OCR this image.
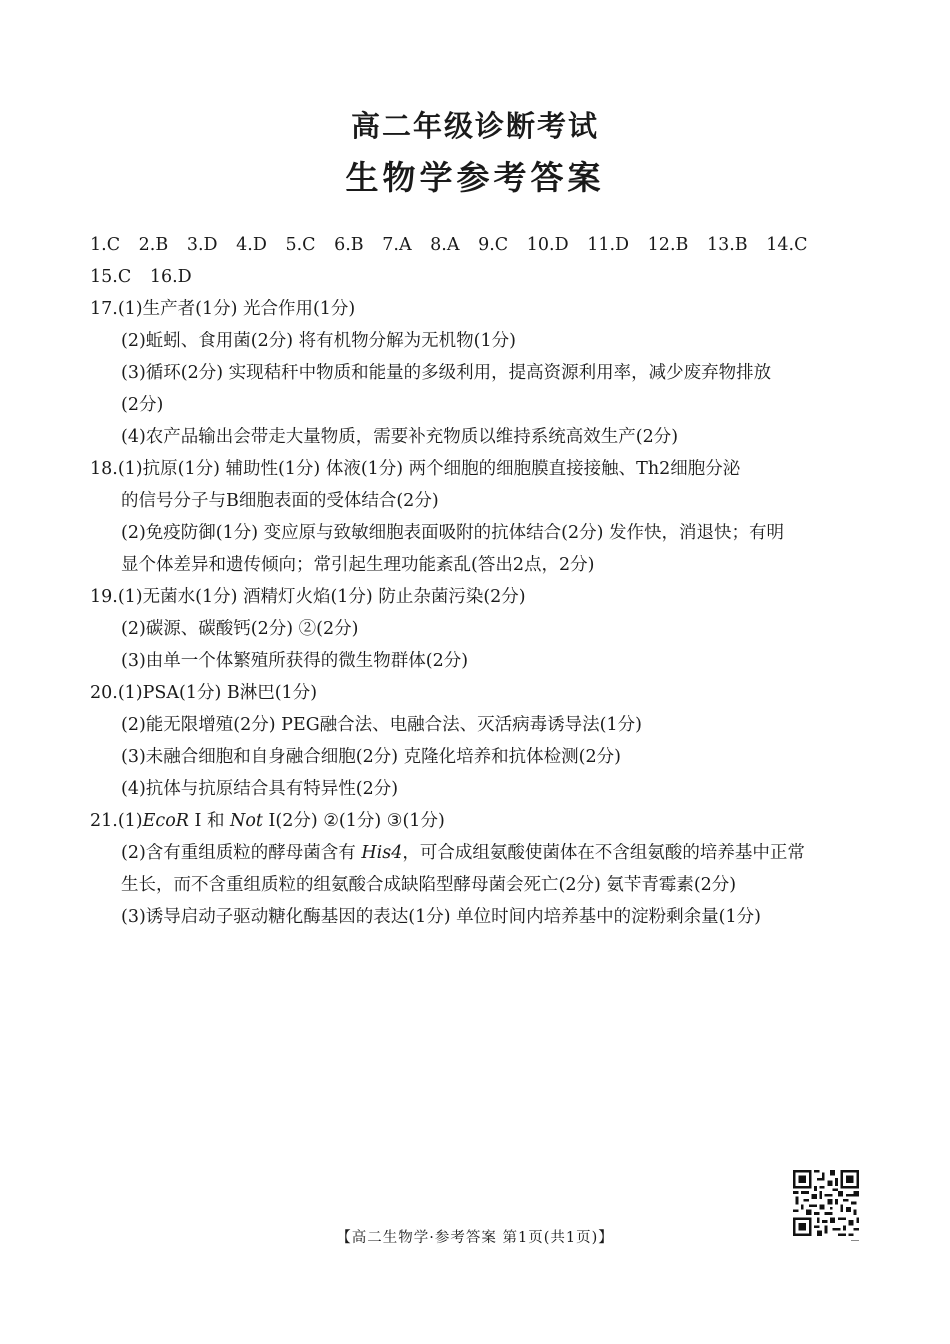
高二年级诊断考试
生物学参考答案
1.C 2.B 3.D 4.D 5.C 6.B 7.A 8.A 9.C 10.D 11.D 12.B 13.B 14.C
15.C 16.D
17.(1)生产者(1分) 光合作用(1分)
(2)蚯蚓、食用菌(2分) 将有机物分解为无机物(1分)
(3)循环(2分) 实现秸秆中物质和能量的多级利用，提高资源利用率，减少废弃物排放
(2分)
(4)农产品输出会带走大量物质，需要补充物质以维持系统高效生产(2分)
18.(1)抗原(1分) 辅助性(1分) 体液(1分) 两个细胞的细胞膜直接接触、Th2细胞分泌
的信号分子与B细胞表面的受体结合(2分)
(2)免疫防御(1分) 变应原与致敏细胞表面吸附的抗体结合(2分) 发作快，消退快；有明
显个体差异和遗传倾向；常引起生理功能紊乱(答出2点，2分)
19.(1)无菌水(1分) 酒精灯火焰(1分) 防止杂菌污染(2分)
(2)碳源、碳酸钙(2分) ②(2分)
(3)由单一个体繁殖所获得的微生物群体(2分)
20.(1)PSA(1分) B淋巴(1分)
(2)能无限增殖(2分) PEG融合法、电融合法、灭活病毒诱导法(1分)
(3)未融合细胞和自身融合细胞(2分) 克隆化培养和抗体检测(2分)
(4)抗体与抗原结合具有特异性(2分)
21.(1)EcoR Ⅰ 和 Not Ⅰ(2分) ②(1分) ③(1分)
(2)含有重组质粒的酵母菌含有 His4，可合成组氨酸使菌体在不含组氨酸的培养基中正常
生长，而不含重组质粒的组氨酸合成缺陷型酵母菌会死亡(2分) 氨苄青霉素(2分)
(3)诱导启动子驱动糖化酶基因的表达(1分) 单位时间内培养基中的淀粉剩余量(1分)
【高二生物学·参考答案 第1页(共1页)】
